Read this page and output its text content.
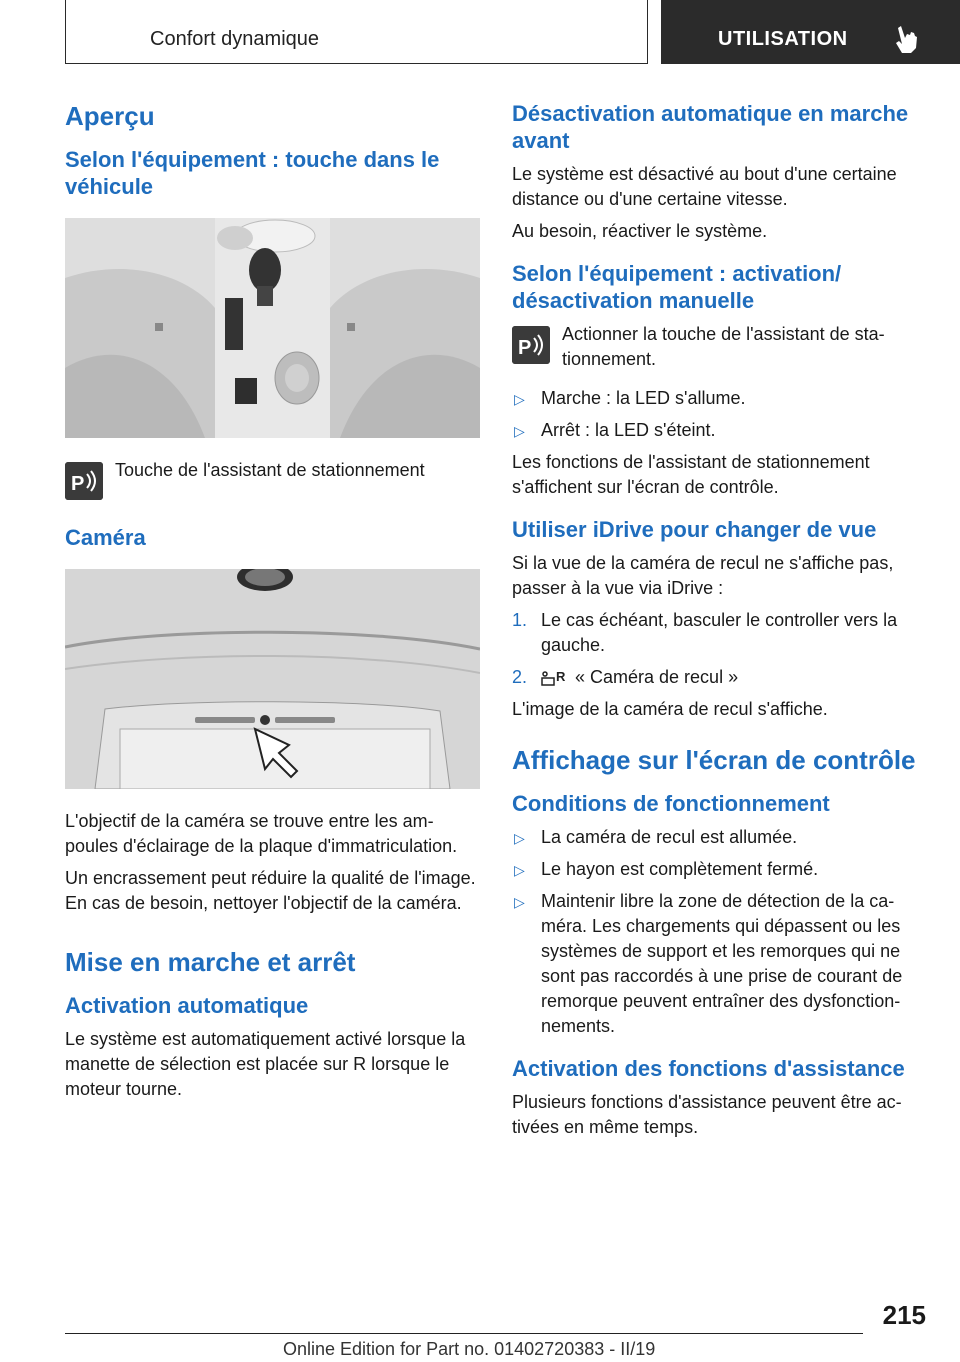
Confort dynamique	UTILISATION
Aperçu
Selon l'équipement : touche dans le véhicule
P

Touche de l'assistant de stationnement

Caméra

L'objectif de la caméra se trouve entre les am-poules d'éclairage de la plaque d'immatriculation.

Un encrassement peut réduire la qualité de l'image. En cas de besoin, nettoyer l'objectif de la caméra.

Mise en marche et arrêt
Activation automatique

Le système est automatiquement activé lorsque la manette de sélection est placée sur R lorsque le moteur tourne.

Désactivation automatique en marche avant

Le système est désactivé au bout d'une certaine distance ou d'une certaine vitesse.

Au besoin, réactiver le système.

Selon l'équipement : activation/ désactivation manuelle
P

Actionner la touche de l'assistant de sta-tionnement.

▷ Marche : la LED s'allume.
▷ Arrêt : la LED s'éteint.

Les fonctions de l'assistant de stationnement s'affichent sur l'écran de contrôle.

Utiliser iDrive pour changer de vue

Si la vue de la caméra de recul ne s'affiche pas, passer à la vue via iDrive :

1. Le cas échéant, basculer le controller vers la gauche.
2. R « Caméra de recul »

L'image de la caméra de recul s'affiche.

Affichage sur l'écran de contrôle
Conditions de fonctionnement
▷ La caméra de recul est allumée.
▷ Le hayon est complètement fermé.
▷ Maintenir libre la zone de détection de la ca-méra. Les chargements qui dépassent ou les systèmes de support et les remorques qui ne sont pas raccordés à une prise de courant de remorque peuvent entraîner des dysfonction-nements.
Activation des fonctions d'assistance

Plusieurs fonctions d'assistance peuvent être ac-tivées en même temps.

215
Online Edition for Part no. 01402720383 - II/19
